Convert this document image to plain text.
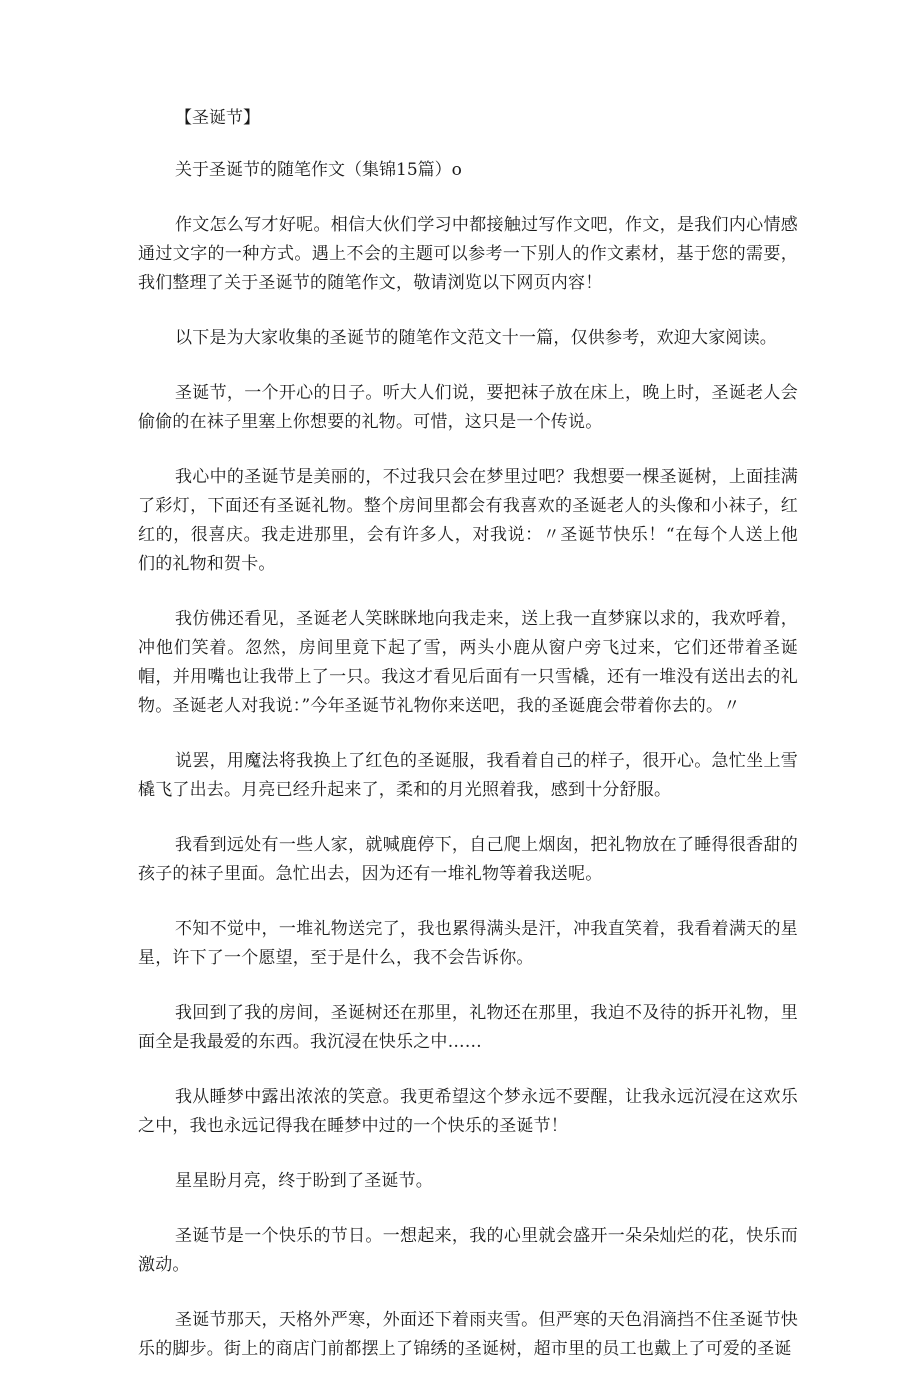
【圣诞节】
关于圣诞节的随笔作文（集锦15篇）o

作文怎么写才好呢。相信大伙们学习中都接触过写作文吧，作文，是我们内心情感通过文字的一种方式。遇上不会的主题可以参考一下别人的作文素材，基于您的需要，我们整理了关于圣诞节的随笔作文，敬请浏览以下网页内容！

以下是为大家收集的圣诞节的随笔作文范文十一篇，仅供参考，欢迎大家阅读。

圣诞节，一个开心的日子。听大人们说，要把袜子放在床上，晚上时，圣诞老人会偷偷的在袜子里塞上你想要的礼物。可惜，这只是一个传说。

我心中的圣诞节是美丽的，不过我只会在梦里过吧？我想要一棵圣诞树，上面挂满了彩灯，下面还有圣诞礼物。整个房间里都会有我喜欢的圣诞老人的头像和小袜子，红红的，很喜庆。我走进那里，会有许多人，对我说：〃圣诞节快乐！“在每个人送上他们的礼物和贺卡。

我仿佛还看见，圣诞老人笑眯眯地向我走来，送上我一直梦寐以求的，我欢呼着，冲他们笑着。忽然，房间里竟下起了雪，两头小鹿从窗户旁飞过来，它们还带着圣诞帽，并用嘴也让我带上了一只。我这才看见后面有一只雪橇，还有一堆没有送出去的礼物。圣诞老人对我说：”今年圣诞节礼物你来送吧，我的圣诞鹿会带着你去的。〃

说罢，用魔法将我换上了红色的圣诞服，我看着自己的样子，很开心。急忙坐上雪橇飞了出去。月亮已经升起来了，柔和的月光照着我，感到十分舒服。

我看到远处有一些人家，就喊鹿停下，自己爬上烟囱，把礼物放在了睡得很香甜的孩子的袜子里面。急忙出去，因为还有一堆礼物等着我送呢。

不知不觉中，一堆礼物送完了，我也累得满头是汗，冲我直笑着，我看着满天的星星，许下了一个愿望，至于是什么，我不会告诉你。

我回到了我的房间，圣诞树还在那里，礼物还在那里，我迫不及待的拆开礼物，里面全是我最爱的东西。我沉浸在快乐之中……

我从睡梦中露出浓浓的笑意。我更希望这个梦永远不要醒，让我永远沉浸在这欢乐之中，我也永远记得我在睡梦中过的一个快乐的圣诞节！

星星盼月亮，终于盼到了圣诞节。

圣诞节是一个快乐的节日。一想起来，我的心里就会盛开一朵朵灿烂的花，快乐而激动。

圣诞节那天，天格外严寒，外面还下着雨夹雪。但严寒的天色涓滴挡不住圣诞节快乐的脚步。街上的商店门前都摆上了锦绣的圣诞树，超市里的员工也戴上了可爱的圣诞
